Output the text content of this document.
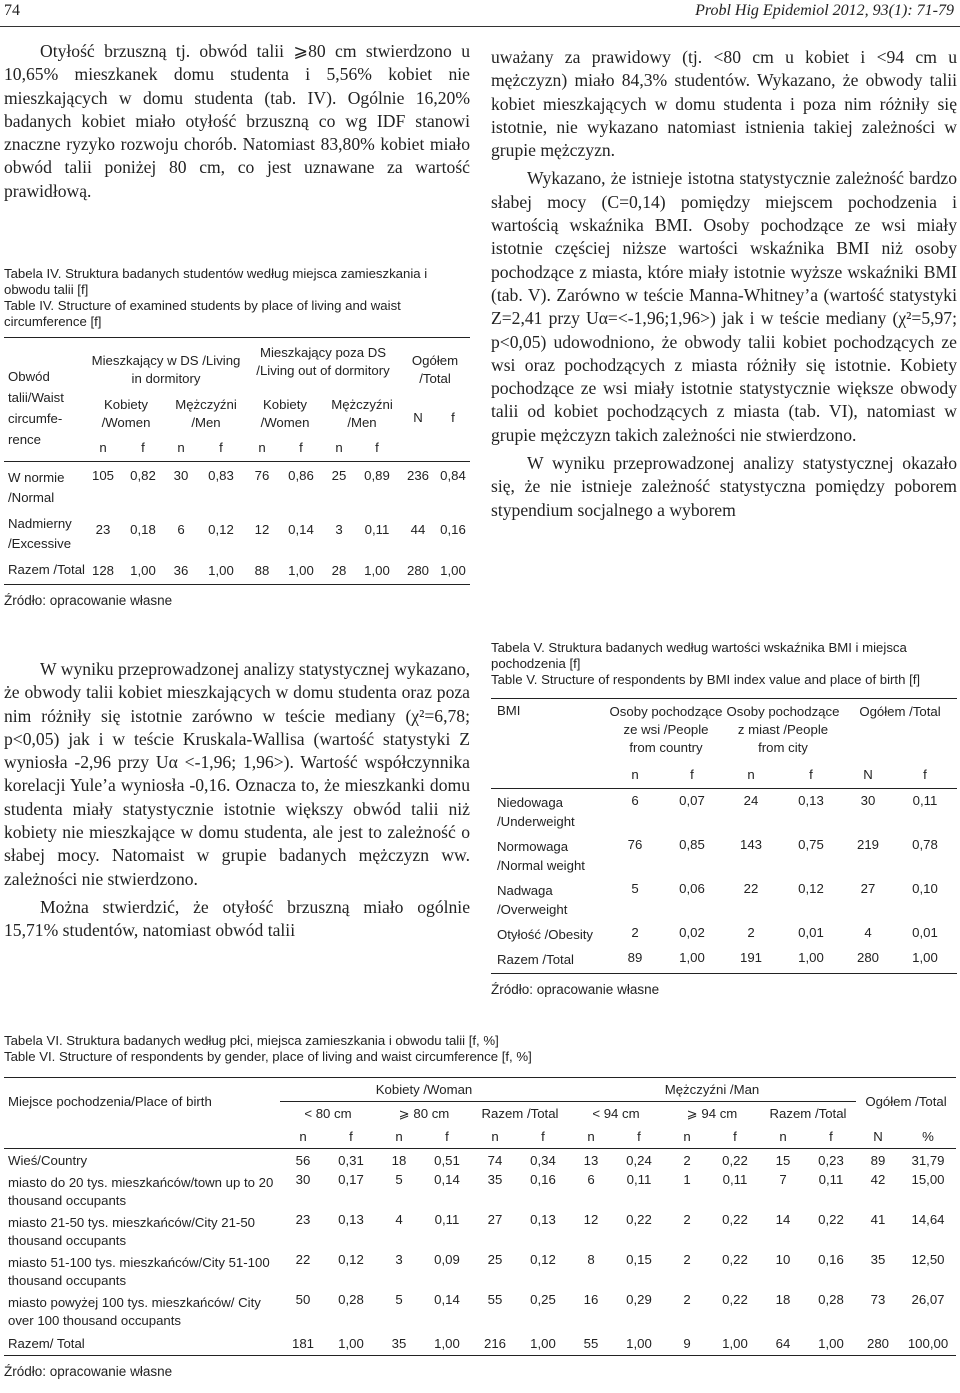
74	Probl Hig Epidemiol 2012, 93(1): 71-79

Otyłość brzuszną tj. obwód talii ⩾80 cm stwierdzono u 10,65% mieszkanek domu studenta i 5,56% kobiet nie mieszkających w domu studenta (tab. IV). Ogólnie 16,20% badanych kobiet miało otyłość brzuszną co wg IDF stanowi znaczne ryzyko rozwoju chorób. Natomiast 83,80% kobiet miało obwód talii poniżej 80 cm, co jest uznawane za wartość prawidłową.

Tabela IV. Struktura badanych studentów według miejsca zamieszkania i obwodu talii [f]

Table IV. Structure of examined students by place of living and waist circumference [f]

Obwód talii/Waist circumfe-rence	Mieszkający w DS /Living in dormitory				Mieszkający poza DS /Living out of dormitory				Ogółem /Total	
	Kobiety /Women		Mężczyźni /Men		Kobiety /Women		Mężczyźni /Men		N	f
	n	f	n	f	n	f	n	f		
W normie /Normal	105	0,82	30	0,83	76	0,86	25	0,89	236	0,84
Nadmierny /Excessive	23	0,18	6	0,12	12	0,14	3	0,11	44	0,16
Razem /Total	128	1,00	36	1,00	88	1,00	28	1,00	280	1,00
Źródło: opracowanie własne

W wyniku przeprowadzonej analizy statystycznej wykazano, że obwody talii kobiet mieszkających w domu studenta oraz poza nim różniły się istotnie zarówno w teście mediany (χ²=6,78; p<0,05) jak i w teście Kruskala-Wallisa (wartość statystyki Z wyniosła -2,96 przy Uα <-1,96; 1,96>). Wartość współczynnika korelacji Yule’a wyniosła -0,16. Oznacza to, że mieszkanki domu studenta miały statystycznie istotnie większy obwód talii niż kobiety nie mieszkające w domu studenta, ale jest to zależność o słabej mocy. Natomaist w grupie badanych mężczyzn ww. zależności nie stwierdzono.

Można stwierdzić, że otyłość brzuszną miało ogólnie 15,71% studentów, natomiast obwód talii

uważany za prawidowy (tj. <80 cm u kobiet i <94 cm u mężczyzn) miało 84,3% studentów. Wykazano, że obwody talii kobiet mieszkających w domu studenta i poza nim różniły się istotnie, nie wykazano natomiast istnienia takiej zależności w grupie mężczyzn.

Wykazano, że istnieje istotna statystycznie zależność bardzo słabej mocy (C=0,14) pomiędzy miejscem pochodzenia i wartością wskaźnika BMI. Osoby pochodzące ze wsi miały istotnie częściej niższe wartości wskaźnika BMI niż osoby pochodzące z miasta, które miały istotnie wyższe wskaźniki BMI (tab. V). Zarówno w teście Manna-Whitney’a (wartość statystyki Z=2,41 przy Uα=<-1,96;1,96>) jak i w teście mediany (χ²=5,97; p<0,05) udowodniono, że obwody talii kobiet pochodzących ze wsi oraz pochodzących z miasta różniły się istotnie. Kobiety pochodzące ze wsi miały istotnie statystycznie większe obwody talii od kobiet pochodzących z miasta (tab. VI), natomiast w grupie mężczyzn takich zależności nie stwierdzono.

W wyniku przeprowadzonej analizy statystycznej okazało się, że nie istnieje zależność statystyczna pomiędzy poborem stypendium socjalnego a wyborem

Tabela V. Struktura badanych według wartości wskaźnika BMI i miejsca pochodzenia [f]

Table V. Structure of respondents by BMI index value and place of birth [f]

BMI	Osoby pochodzące ze wsi /People from country		Osoby pochodzące z miast /People from city		Ogółem /Total	
	n	f	n	f	N	f
Niedowaga /Underweight	6	0,07	24	0,13	30	0,11
Normowaga /Normal weight	76	0,85	143	0,75	219	0,78
Nadwaga /Overweight	5	0,06	22	0,12	27	0,10
Otyłość /Obesity	2	0,02	2	0,01	4	0,01
Razem /Total	89	1,00	191	1,00	280	1,00
Źródło: opracowanie własne

Tabela VI. Struktura badanych według płci, miejsca zamieszkania i obwodu talii [f, %]

Table VI. Structure of respondents by gender, place of living and waist circumference [f, %]

Miejsce pochodzenia/Place of birth	Kobiety /Woman						Mężczyźni /Man						Ogółem /Total	
	< 80 cm		⩾ 80 cm		Razem /Total		< 94 cm		⩾ 94 cm		Razem /Total			
	n	f	n	f	n	f	n	f	n	f	n	f	N	%
Wieś/Country	56	0,31	18	0,51	74	0,34	13	0,24	2	0,22	15	0,23	89	31,79
miasto do 20 tys. mieszkańców/town up to 20 thousand occupants	30	0,17	5	0,14	35	0,16	6	0,11	1	0,11	7	0,11	42	15,00
miasto 21-50 tys. mieszkańców/City 21-50 thousand occupants	23	0,13	4	0,11	27	0,13	12	0,22	2	0,22	14	0,22	41	14,64
miasto 51-100 tys. mieszkańców/City 51-100 thousand occupants	22	0,12	3	0,09	25	0,12	8	0,15	2	0,22	10	0,16	35	12,50
miasto powyżej 100 tys. mieszkańców/ City over 100 thousand occupants	50	0,28	5	0,14	55	0,25	16	0,29	2	0,22	18	0,28	73	26,07
Razem/ Total	181	1,00	35	1,00	216	1,00	55	1,00	9	1,00	64	1,00	280	100,00
Źródło: opracowanie własne
